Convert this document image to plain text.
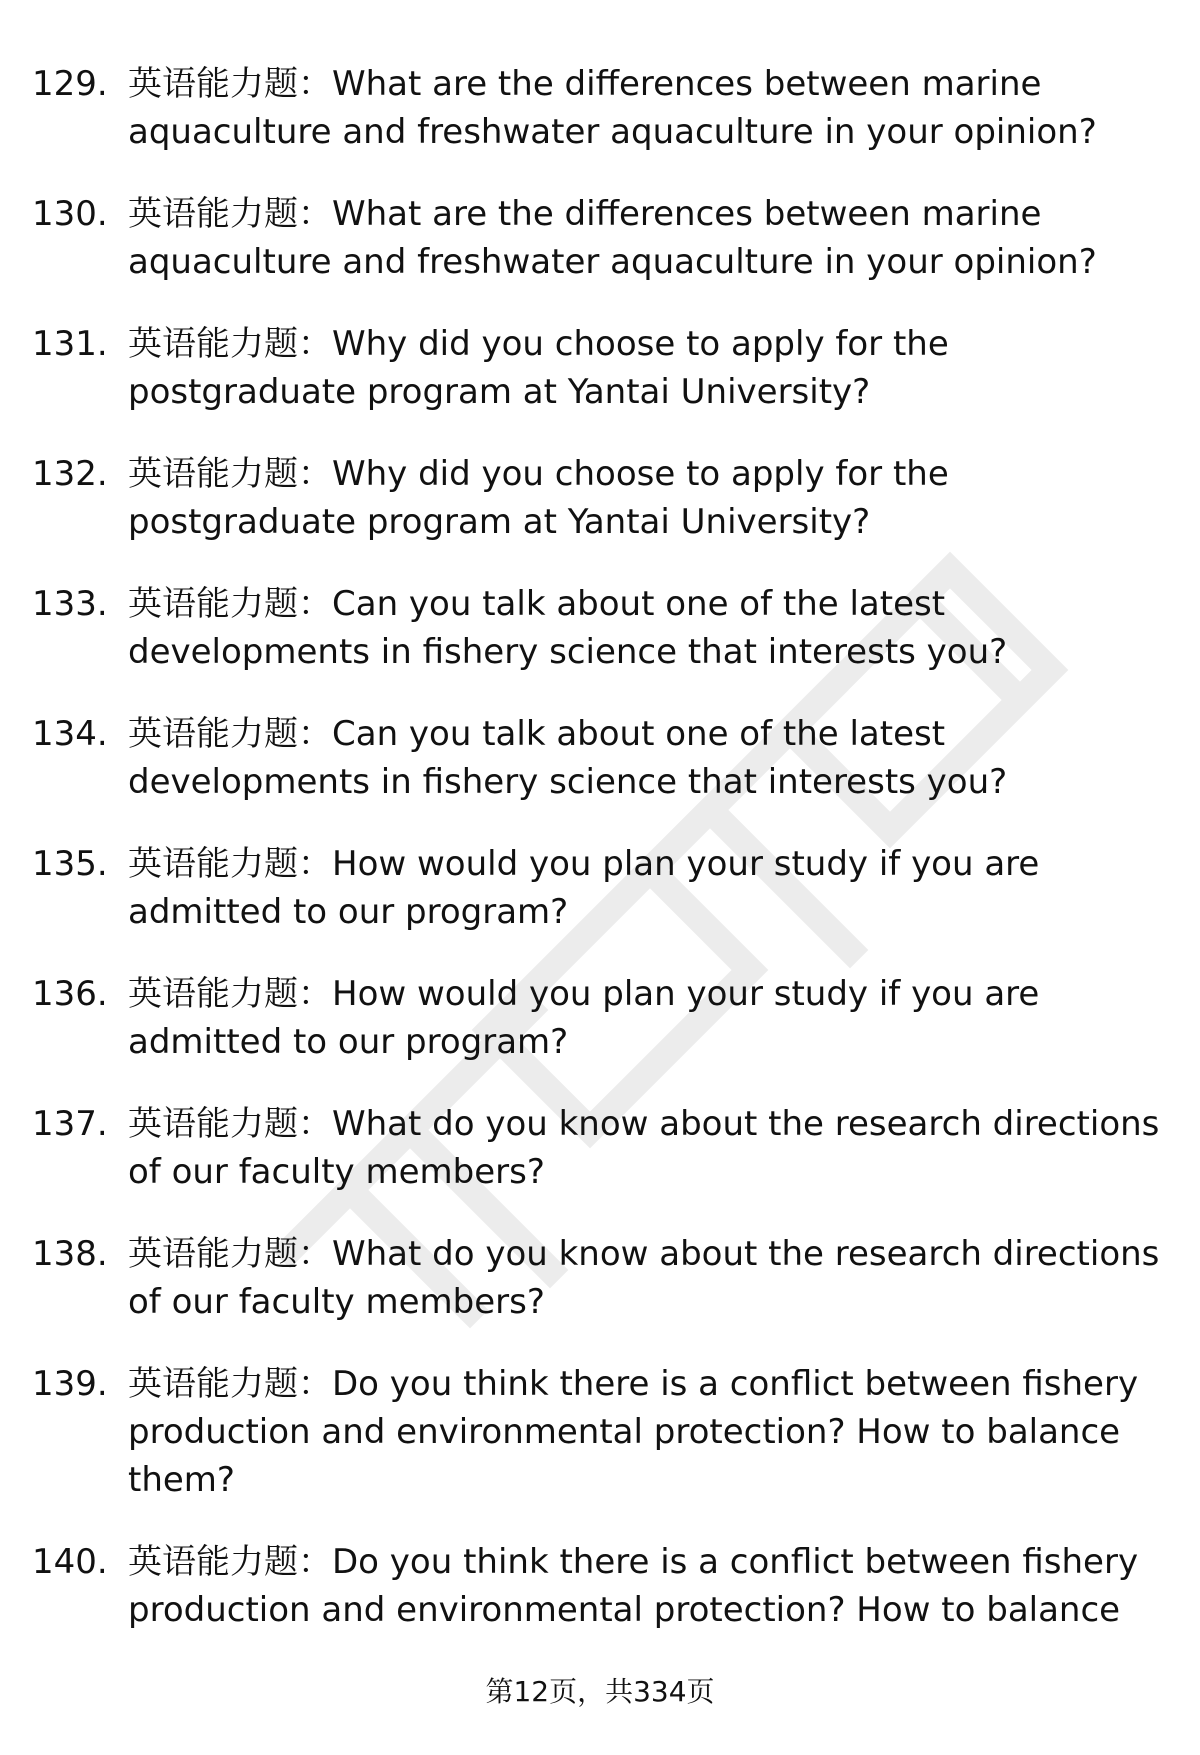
129. 英语能力题：What are the differences between marine aquaculture and freshwater aquaculture in your opinion?
130. 英语能力题：What are the differences between marine aquaculture and freshwater aquaculture in your opinion?
131. 英语能力题：Why did you choose to apply for the postgraduate program at Yantai University?
132. 英语能力题：Why did you choose to apply for the postgraduate program at Yantai University?
133. 英语能力题：Can you talk about one of the latest developments in fishery science that interests you?
134. 英语能力题：Can you talk about one of the latest developments in fishery science that interests you?
135. 英语能力题：How would you plan your study if you are admitted to our program?
136. 英语能力题：How would you plan your study if you are admitted to our program?
137. 英语能力题：What do you know about the research directions of our faculty members?
138. 英语能力题：What do you know about the research directions of our faculty members?
139. 英语能力题：Do you think there is a conflict between fishery production and environmental protection? How to balance them?
140. 英语能力题：Do you think there is a conflict between fishery production and environmental protection? How to balance
第12页，共334页
